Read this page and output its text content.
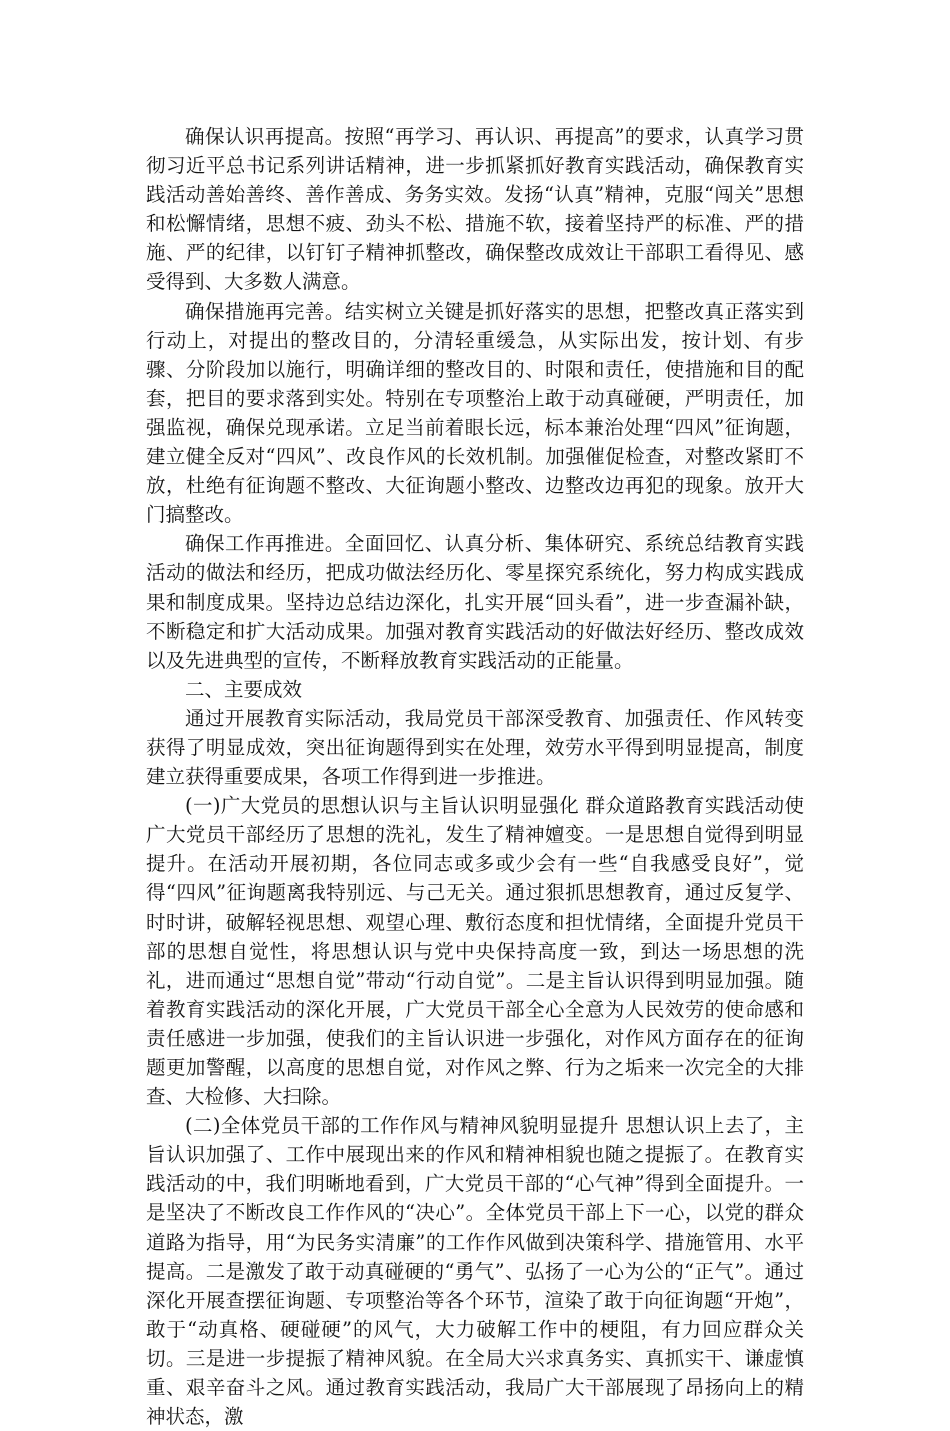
确保认识再提高。按照“再学习、再认识、再提高”的要求，认真学习贯彻习近平总书记系列讲话精神，进一步抓紧抓好教育实践活动，确保教育实践活动善始善终、善作善成、务务实效。发扬“认真”精神，克服“闯关”思想和松懈情绪，思想不疲、劲头不松、措施不软，接着坚持严的标准、严的措施、严的纪律，以钉钉子精神抓整改，确保整改成效让干部职工看得见、感受得到、大多数人满意。

确保措施再完善。结实树立关键是抓好落实的思想，把整改真正落实到行动上，对提出的整改目的，分清轻重缓急，从实际出发，按计划、有步骤、分阶段加以施行，明确详细的整改目的、时限和责任，使措施和目的配套，把目的要求落到实处。特别在专项整治上敢于动真碰硬，严明责任，加强监视，确保兑现承诺。立足当前着眼长远，标本兼治处理“四风”征询题，建立健全反对“四风”、改良作风的长效机制。加强催促检查，对整改紧盯不放，杜绝有征询题不整改、大征询题小整改、边整改边再犯的现象。放开大门搞整改。

确保工作再推进。全面回忆、认真分析、集体研究、系统总结教育实践活动的做法和经历，把成功做法经历化、零星探究系统化，努力构成实践成果和制度成果。坚持边总结边深化，扎实开展“回头看”，进一步查漏补缺，不断稳定和扩大活动成果。加强对教育实践活动的好做法好经历、整改成效以及先进典型的宣传，不断释放教育实践活动的正能量。

二、主要成效

通过开展教育实际活动，我局党员干部深受教育、加强责任、作风转变获得了明显成效，突出征询题得到实在处理，效劳水平得到明显提高，制度建立获得重要成果，各项工作得到进一步推进。

(一)广大党员的思想认识与主旨认识明显强化 群众道路教育实践活动使广大党员干部经历了思想的洗礼，发生了精神嬗变。一是思想自觉得到明显提升。在活动开展初期，各位同志或多或少会有一些“自我感受良好”，觉得“四风”征询题离我特别远、与己无关。通过狠抓思想教育，通过反复学、时时讲，破解轻视思想、观望心理、敷衍态度和担忧情绪，全面提升党员干部的思想自觉性，将思想认识与党中央保持高度一致，到达一场思想的洗礼，进而通过“思想自觉”带动“行动自觉”。二是主旨认识得到明显加强。随着教育实践活动的深化开展，广大党员干部全心全意为人民效劳的使命感和责任感进一步加强，使我们的主旨认识进一步强化，对作风方面存在的征询题更加警醒，以高度的思想自觉，对作风之弊、行为之垢来一次完全的大排查、大检修、大扫除。

(二)全体党员干部的工作作风与精神风貌明显提升 思想认识上去了，主旨认识加强了、工作中展现出来的作风和精神相貌也随之提振了。在教育实践活动的中，我们明晰地看到，广大党员干部的“心气神”得到全面提升。一是坚决了不断改良工作作风的“决心”。全体党员干部上下一心，以党的群众道路为指导，用“为民务实清廉”的工作作风做到决策科学、措施管用、水平提高。二是激发了敢于动真碰硬的“勇气”、弘扬了一心为公的“正气”。通过深化开展查摆征询题、专项整治等各个环节，渲染了敢于向征询题“开炮”，敢于“动真格、硬碰硬”的风气，大力破解工作中的梗阻，有力回应群众关切。三是进一步提振了精神风貌。在全局大兴求真务实、真抓实干、谦虚慎重、艰辛奋斗之风。通过教育实践活动，我局广大干部展现了昂扬向上的精神状态，激
